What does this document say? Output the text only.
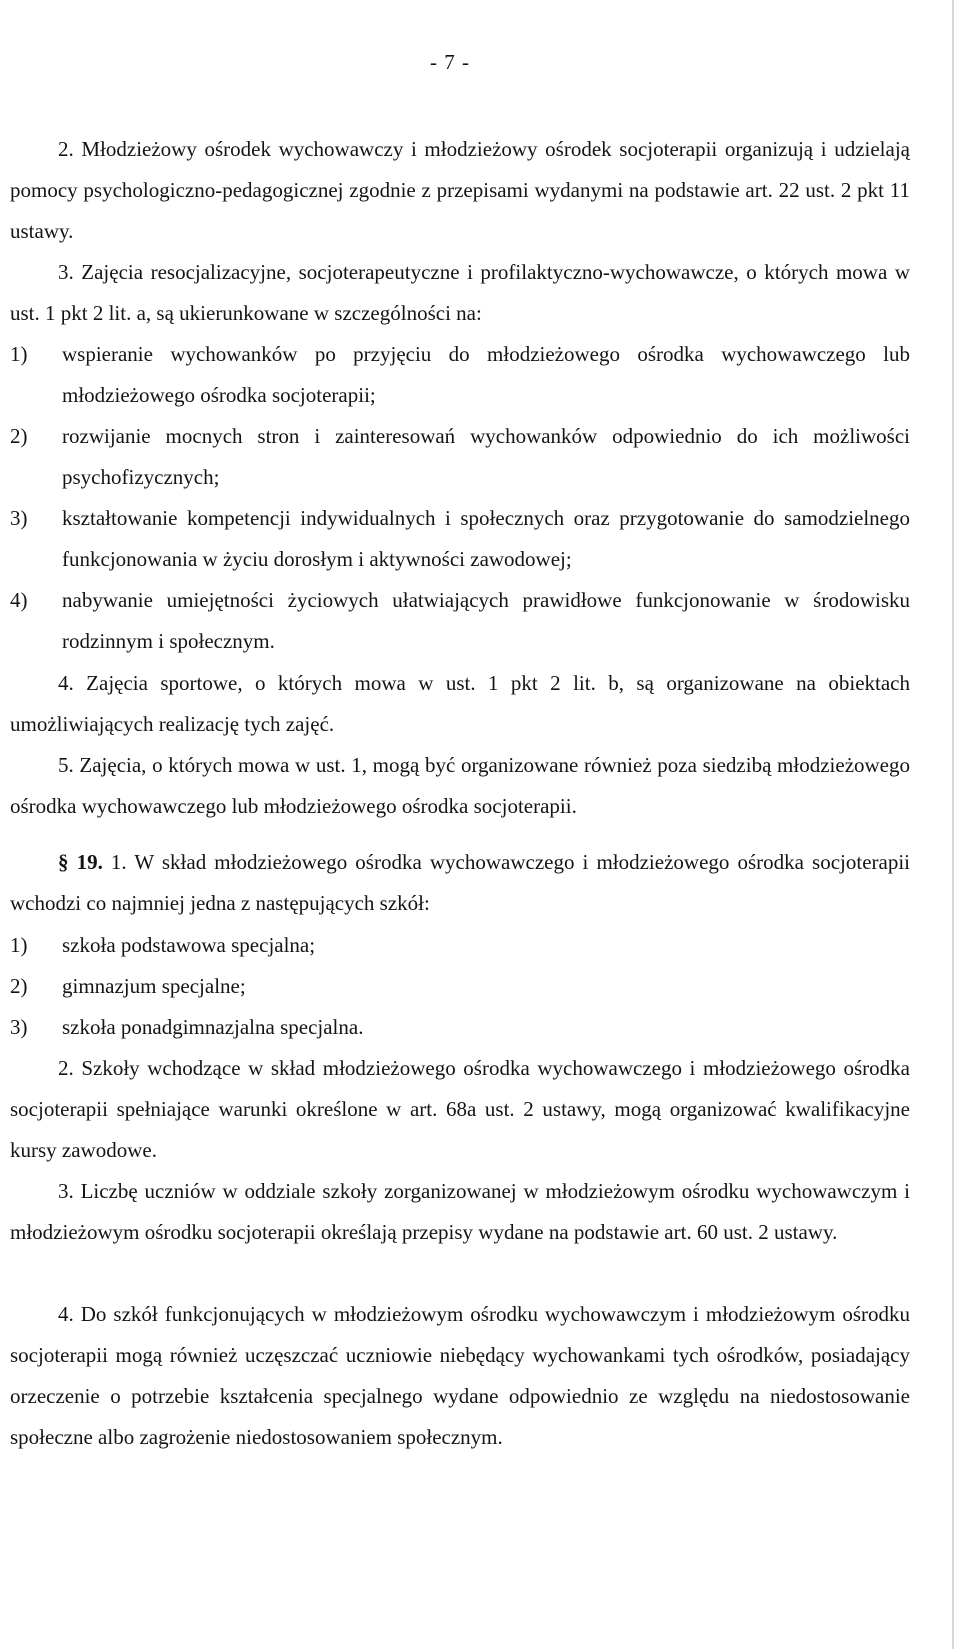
- 7 -

2. Młodzieżowy ośrodek wychowawczy i młodzieżowy ośrodek socjoterapii organizują i udzielają pomocy psychologiczno-pedagogicznej zgodnie z przepisami wydanymi na podstawie art. 22 ust. 2 pkt 11 ustawy.

3. Zajęcia resocjalizacyjne, socjoterapeutyczne i profilaktyczno-wychowawcze, o których mowa w ust. 1 pkt 2 lit. a, są ukierunkowane w szczególności na:

1) wspieranie wychowanków po przyjęciu do młodzieżowego ośrodka wychowawczego lub młodzieżowego ośrodka socjoterapii;
2) rozwijanie mocnych stron i zainteresowań wychowanków odpowiednio do ich możliwości psychofizycznych;
3) kształtowanie kompetencji indywidualnych i społecznych oraz przygotowanie do samodzielnego funkcjonowania w życiu dorosłym i aktywności zawodowej;
4) nabywanie umiejętności życiowych ułatwiających prawidłowe funkcjonowanie w środowisku rodzinnym i społecznym.

4. Zajęcia sportowe, o których mowa w ust. 1 pkt 2 lit. b, są organizowane na obiektach umożliwiających realizację tych zajęć.

5. Zajęcia, o których mowa w ust. 1, mogą być organizowane również poza siedzibą młodzieżowego ośrodka wychowawczego lub młodzieżowego ośrodka socjoterapii.

§ 19. 1. W skład młodzieżowego ośrodka wychowawczego i młodzieżowego ośrodka socjoterapii wchodzi co najmniej jedna z następujących szkół:

1) szkoła podstawowa specjalna;
2) gimnazjum specjalne;
3) szkoła ponadgimnazjalna specjalna.

2. Szkoły wchodzące w skład młodzieżowego ośrodka wychowawczego i młodzieżowego ośrodka socjoterapii spełniające warunki określone w art. 68a ust. 2 ustawy, mogą organizować kwalifikacyjne kursy zawodowe.

3. Liczbę uczniów w oddziale szkoły zorganizowanej w młodzieżowym ośrodku wychowawczym i młodzieżowym ośrodku socjoterapii określają przepisy wydane na podstawie art. 60 ust. 2 ustawy.

4. Do szkół funkcjonujących w młodzieżowym ośrodku wychowawczym i młodzieżowym ośrodku socjoterapii mogą również uczęszczać uczniowie niebędący wychowankami tych ośrodków, posiadający orzeczenie o potrzebie kształcenia specjalnego wydane odpowiednio ze względu na niedostosowanie społeczne albo zagrożenie niedostosowaniem społecznym.
